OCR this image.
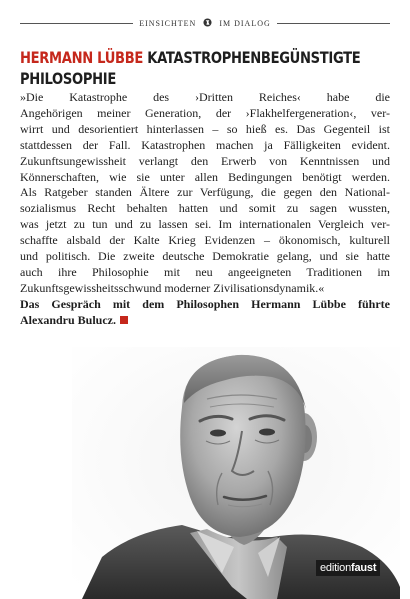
EINSICHTEN	IM DIALOG
HERMANN LÜBBE KATASTROPHENBEGÜNSTIGTE
PHILOSOPHIE
»Die Katastrophe des ›Dritten Reiches‹ habe die
Angehörigen meiner Generation, der ›Flakhelfergeneration‹, ver-
wirrt und desorientiert hinterlassen – so hieß es. Das Gegenteil ist
stattdessen der Fall. Katastrophen machen ja Fälligkeiten evident.
Zukunftsungewissheit verlangt den Erwerb von Kenntnissen und
Könnerschaften, wie sie unter allen Bedingungen benötigt werden.
Als Ratgeber standen Ältere zur Verfügung, die gegen den National-
sozialismus Recht behalten hatten und somit zu sagen wussten,
was jetzt zu tun und zu lassen sei. Im internationalen Vergleich ver-
schaffte alsbald der Kalte Krieg Evidenzen – ökonomisch, kulturell
und politisch. Die zweite deutsche Demokratie gelang, und sie hatte
auch ihre Philosophie mit neu angeeigneten Traditionen im
Zukunftsgewissheitsschwund moderner Zivilisationsdynamik.«
Das Gespräch mit dem Philosophen Hermann Lübbe führte
Alexandru Bulucz.
editionfaust
